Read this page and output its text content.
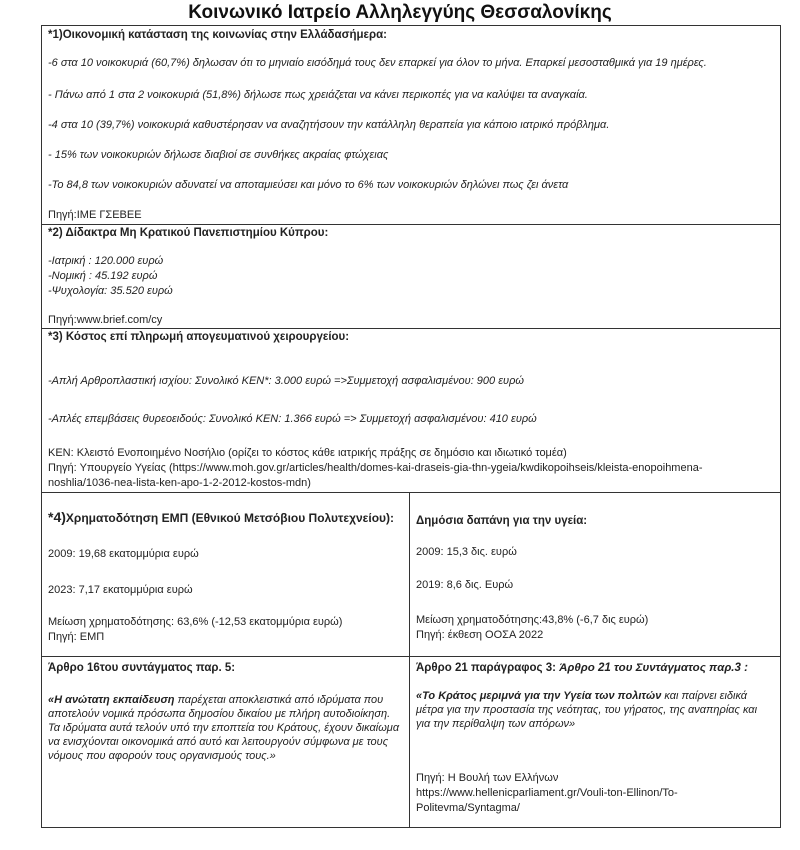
Κοινωνικό Ιατρείο Αλληλεγγύης Θεσσαλονίκης
*1)Οικονομική κατάσταση της κοινωνίας στην Ελλάδασήμερα:
-6 στα 10 νοικοκυριά (60,7%) δηλωσαν ότι το μηνιαίο εισόδημά τους δεν επαρκεί για όλον το μήνα. Επαρκεί μεσοσταθμικά για 19 ημέρες.
- Πάνω από 1 στα 2 νοικοκυριά (51,8%) δήλωσε πως χρειάζεται να κάνει περικοπές για να καλύψει τα αναγκαία.
-4 στα 10 (39,7%) νοικοκυριά καθυστέρησαν να αναζητήσουν την κατάλληλη θεραπεία για κάποιο ιατρικό πρόβλημα.
- 15% των νοικοκυριών δήλωσε διαβιοί σε συνθήκες ακραίας φτώχειας
-Το 84,8 των νοικοκυριών αδυνατεί να αποταμιεύσει και μόνο το 6% των νοικοκυριών δηλώνει πως ζει άνετα
Πηγή:ΙΜΕ ΓΣΕΒΕΕ
*2) Δίδακτρα Μη Κρατικού Πανεπιστημίου Κύπρου:
-Ιατρική : 120.000 ευρώ
-Νομική : 45.192 ευρώ
-Ψυχολογία: 35.520 ευρώ
Πηγή:www.brief.com/cy
*3) Κόστος επί πληρωμή απογευματινού χειρουργείου:
-Απλή Αρθροπλαστική ισχίου: Συνολικό ΚΕΝ*: 3.000 ευρώ =>Συμμετοχή ασφαλισμένου: 900 ευρώ
-Απλές επεμβάσεις θυρεοειδούς: Συνολικό ΚΕΝ: 1.366 ευρώ => Συμμετοχή ασφαλισμένου: 410 ευρώ
ΚΕΝ: Κλειστό Ενοποιημένο Νοσήλιο (ορίζει το κόστος κάθε ιατρικής πράξης σε δημόσιο και ιδιωτικό τομέα)
Πηγή: Υπουργείο Υγείας (https://www.moh.gov.gr/articles/health/domes-kai-draseis-gia-thn-ygeia/kwdikopoihseis/kleista-enopoihmena-
noshlia/1036-nea-lista-ken-apo-1-2-2012-kostos-mdn)
*4)Χρηματοδότηση ΕΜΠ (Εθνικού Μετσόβιου Πολυτεχνείου):
2009: 19,68 εκατομμύρια ευρώ
2023: 7,17 εκατομμύρια ευρώ
Μείωση χρηματοδότησης: 63,6% (-12,53 εκατομμύρια ευρώ)
Πηγή: ΕΜΠ
Δημόσια δαπάνη για την υγεία:
2009: 15,3 δις. ευρώ
2019: 8,6 δις. Ευρώ
Μείωση χρηματοδότησης:43,8% (-6,7 δις ευρώ)
Πηγή: έκθεση ΟΟΣΑ 2022
Άρθρο 16του συντάγματος παρ. 5:
«Η ανώτατη εκπαίδευση παρέχεται αποκλειστικά από ιδρύματα που αποτελούν νομικά πρόσωπα δημοσίου δικαίου με πλήρη αυτοδιοίκηση. Τα ιδρύματα αυτά τελούν υπό την εποπτεία του Κράτους, έχουν δικαίωμα να ενισχύονται οικονομικά από αυτό και λειτουργούν σύμφωνα με τους νόμους που αφορούν τους οργανισμούς τους.»
Άρθρο 21 παράγραφος 3: Άρθρο 21 του Συντάγματος παρ.3 :
«Το Κράτος μεριμνά για την Υγεία των πολιτών και παίρνει ειδικά μέτρα για την προστασία της νεότητας, του γήρατος, της αναπηρίας και για την περίθαλψη των απόρων»
Πηγή: Η Βουλή των Ελλήνων
https://www.hellenicparliament.gr/Vouli-ton-Ellinon/To-
Politevma/Syntagma/
